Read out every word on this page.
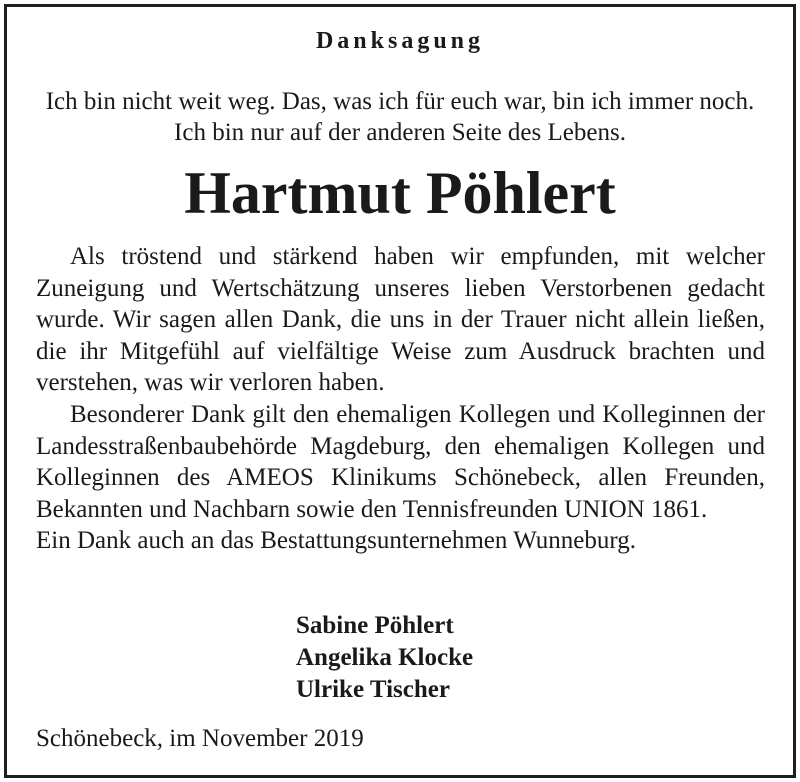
Danksagung
Ich bin nicht weit weg. Das, was ich für euch war, bin ich immer noch. Ich bin nur auf der anderen Seite des Lebens.
Hartmut Pöhlert

Als tröstend und stärkend haben wir empfunden, mit welcher Zuneigung und Wertschätzung unseres lieben Verstorbenen gedacht wurde. Wir sagen allen Dank, die uns in der Trauer nicht allein ließen, die ihr Mitgefühl auf vielfältige Weise zum Ausdruck brachten und verstehen, was wir verloren haben.

Besonderer Dank gilt den ehemaligen Kollegen und Kolleginnen der Landesstraßenbaubehörde Magdeburg, den ehemaligen Kollegen und Kolleginnen des AMEOS Klinikums Schönebeck, allen Freunden, Bekannten und Nachbarn sowie den Tennisfreunden UNION 1861.

Ein Dank auch an das Bestattungsunternehmen Wunneburg.

Sabine Pöhlert
Angelika Klocke
Ulrike Tischer
Schönebeck, im November 2019
